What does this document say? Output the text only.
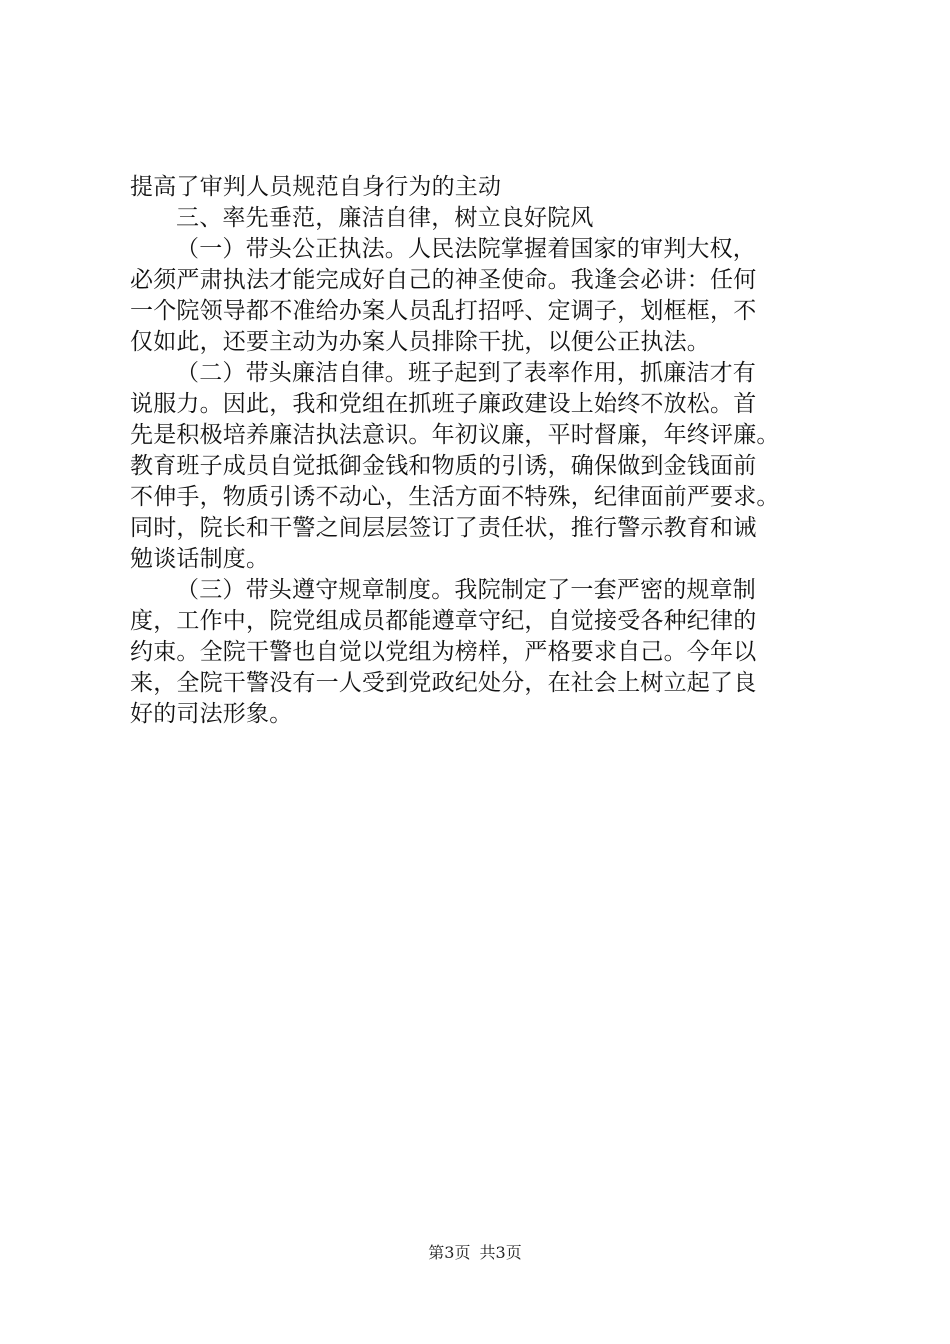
提高了审判人员规范自身行为的主动
三、率先垂范，廉洁自律，树立良好院风
（一）带头公正执法。人民法院掌握着国家的审判大权，
必须严肃执法才能完成好自己的神圣使命。我逢会必讲：任何
一个院领导都不准给办案人员乱打招呼、定调子，划框框，不
仅如此，还要主动为办案人员排除干扰，以便公正执法。
（二）带头廉洁自律。班子起到了表率作用，抓廉洁才有
说服力。因此，我和党组在抓班子廉政建设上始终不放松。首
先是积极培养廉洁执法意识。年初议廉，平时督廉，年终评廉。
教育班子成员自觉抵御金钱和物质的引诱，确保做到金钱面前
不伸手，物质引诱不动心，生活方面不特殊，纪律面前严要求。
同时，院长和干警之间层层签订了责任状，推行警示教育和诫
勉谈话制度。
（三）带头遵守规章制度。我院制定了一套严密的规章制
度，工作中，院党组成员都能遵章守纪，自觉接受各种纪律的
约束。全院干警也自觉以党组为榜样，严格要求自己。今年以
来，全院干警没有一人受到党政纪处分，在社会上树立起了良
好的司法形象。
第3页 共3页
